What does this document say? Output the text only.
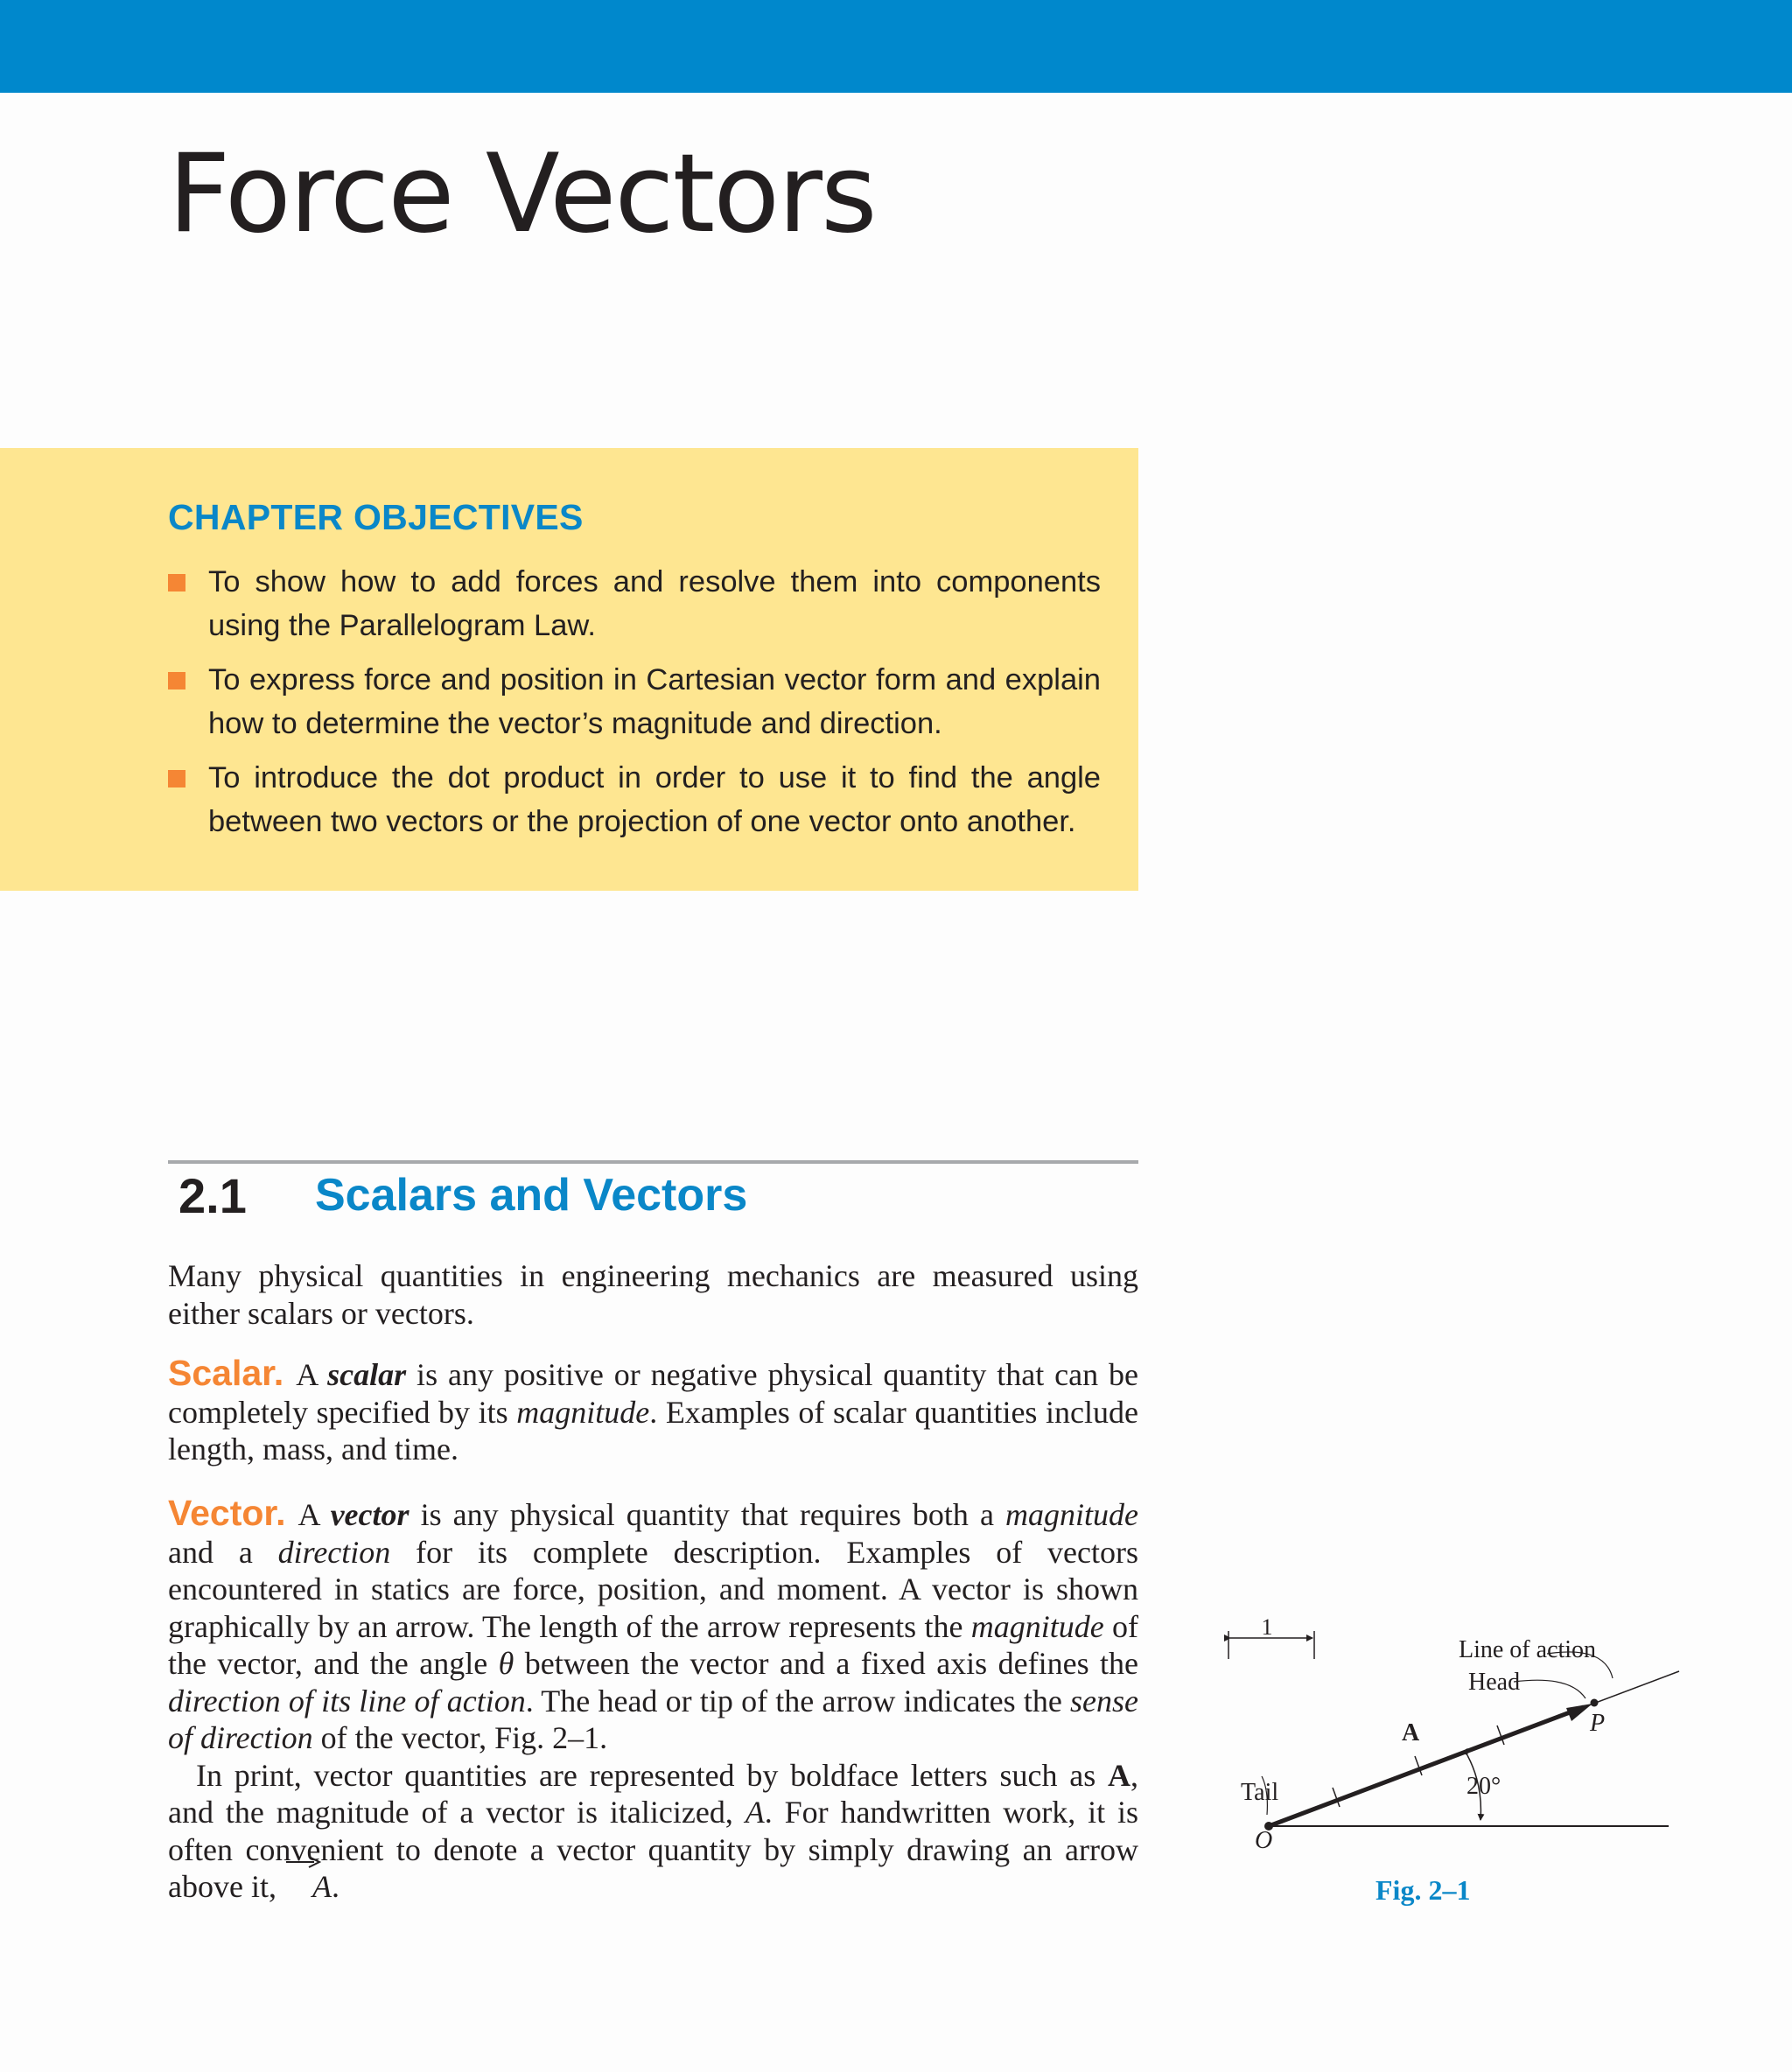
Force Vectors
CHAPTER OBJECTIVES
To show how to add forces and resolve them into components using the Parallelogram Law.
To express force and position in Cartesian vector form and explain how to determine the vector’s magnitude and direction.
To introduce the dot product in order to use it to find the angle between two vectors or the projection of one vector onto another.
2.1 Scalars and Vectors

Many physical quantities in engineering mechanics are measured using either scalars or vectors.

Scalar. A scalar is any positive or negative physical quantity that can be completely specified by its magnitude. Examples of scalar quantities include length, mass, and time.

Vector. A vector is any physical quantity that requires both a magnitude and a direction for its complete description. Examples of vectors encountered in statics are force, position, and moment. A vector is shown graphically by an arrow. The length of the arrow represents the magnitude of the vector, and the angle θ between the vector and a fixed axis defines the direction of its line of action. The head or tip of the arrow indicates the sense of direction of the vector, Fig. 2–1.

In print, vector quantities are represented by boldface letters such as A, and the magnitude of a vector is italicized, A. For handwritten work, it is often convenient to denote a vector quantity by simply drawing an arrow above it,
A.

1
Line of action
Head
Tail
O
P
A
20°
Fig. 2–1
